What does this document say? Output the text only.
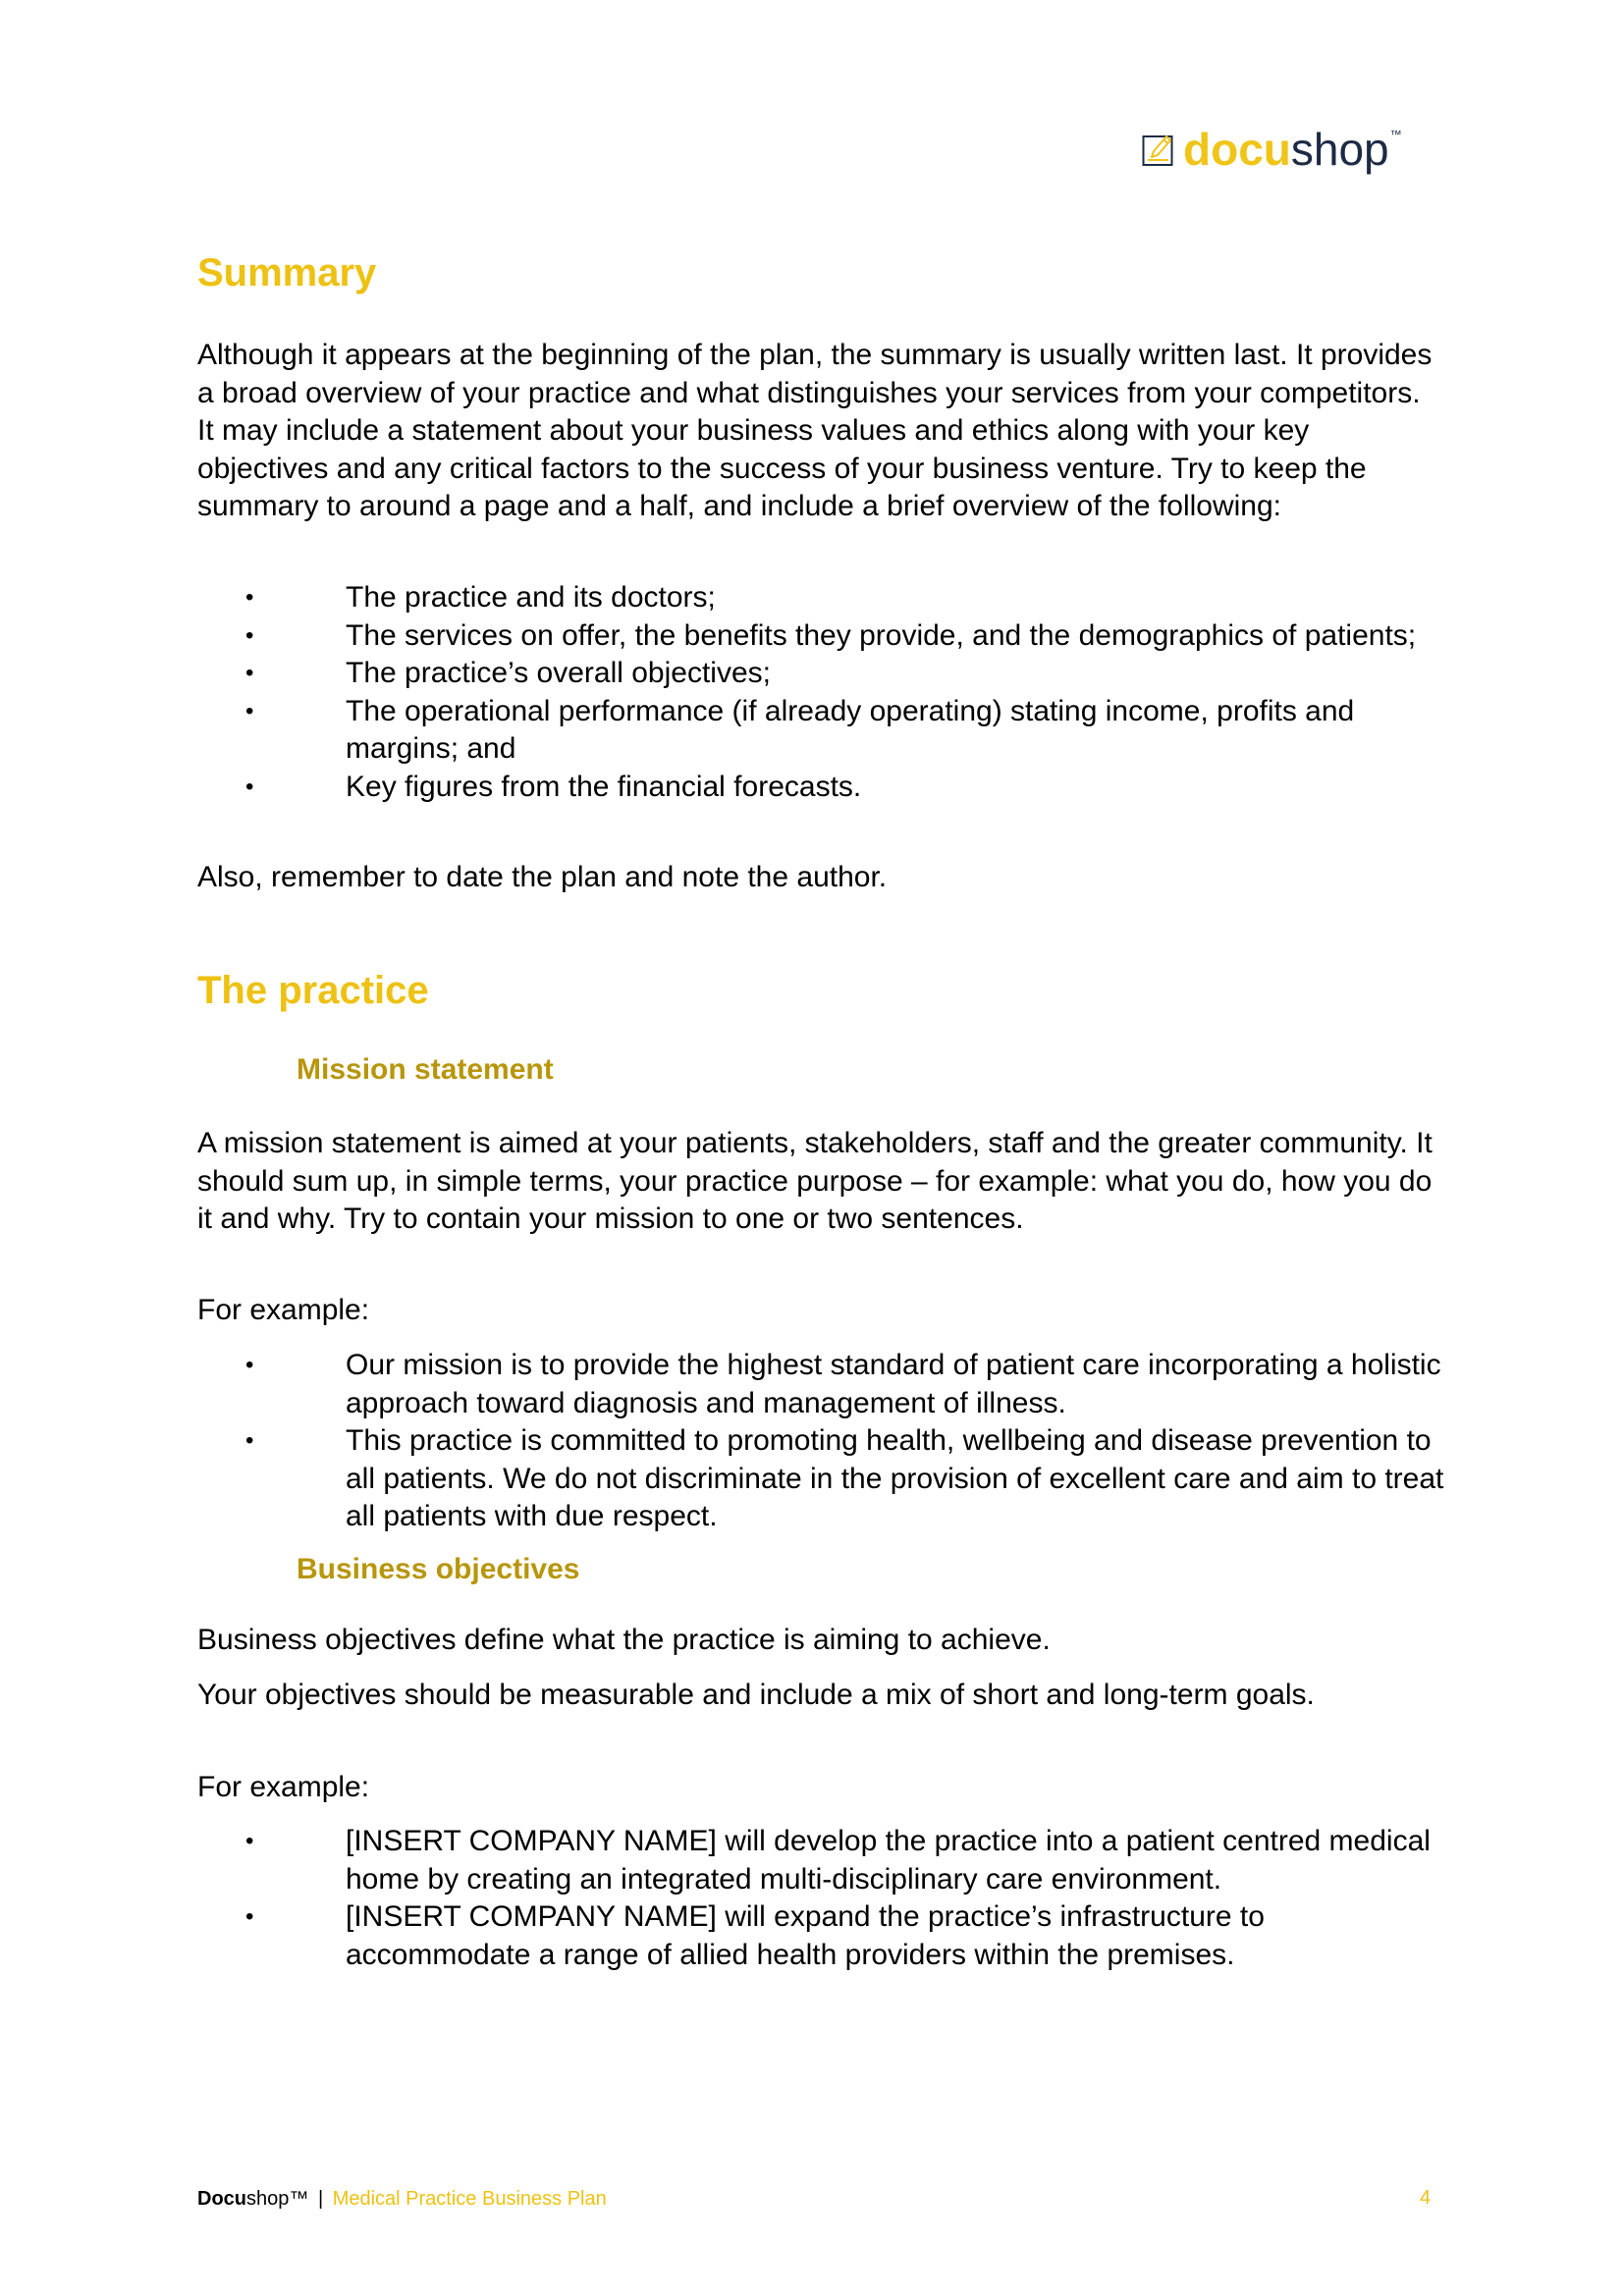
docushop™
Summary

Although it appears at the beginning of the plan, the summary is usually written last. It provides a broad overview of your practice and what distinguishes your services from your competitors. It may include a statement about your business values and ethics along with your key objectives and any critical factors to the success of your business venture. Try to keep the summary to around a page and a half, and include a brief overview of the following:

•	The practice and its doctors;
•	The services on offer, the benefits they provide, and the demographics of patients;
•	The practice’s overall objectives;
•	The operational performance (if already operating) stating income, profits and margins; and
•	Key figures from the financial forecasts.

Also, remember to date the plan and note the author.

The practice
Mission statement

A mission statement is aimed at your patients, stakeholders, staff and the greater community. It should sum up, in simple terms, your practice purpose – for example: what you do, how you do it and why. Try to contain your mission to one or two sentences.

For example:

•	Our mission is to provide the highest standard of patient care incorporating a holistic approach toward diagnosis and management of illness.
•	This practice is committed to promoting health, wellbeing and disease prevention to all patients. We do not discriminate in the provision of excellent care and aim to treat all patients with due respect.
Business objectives

Business objectives define what the practice is aiming to achieve.

Your objectives should be measurable and include a mix of short and long-term goals.

For example:

•	[INSERT COMPANY NAME] will develop the practice into a patient centred medical home by creating an integrated multi-disciplinary care environment.
•	[INSERT COMPANY NAME] will expand the practice’s infrastructure to accommodate a range of allied health providers within the premises.
Docushop™ | Medical Practice Business Plan	4
